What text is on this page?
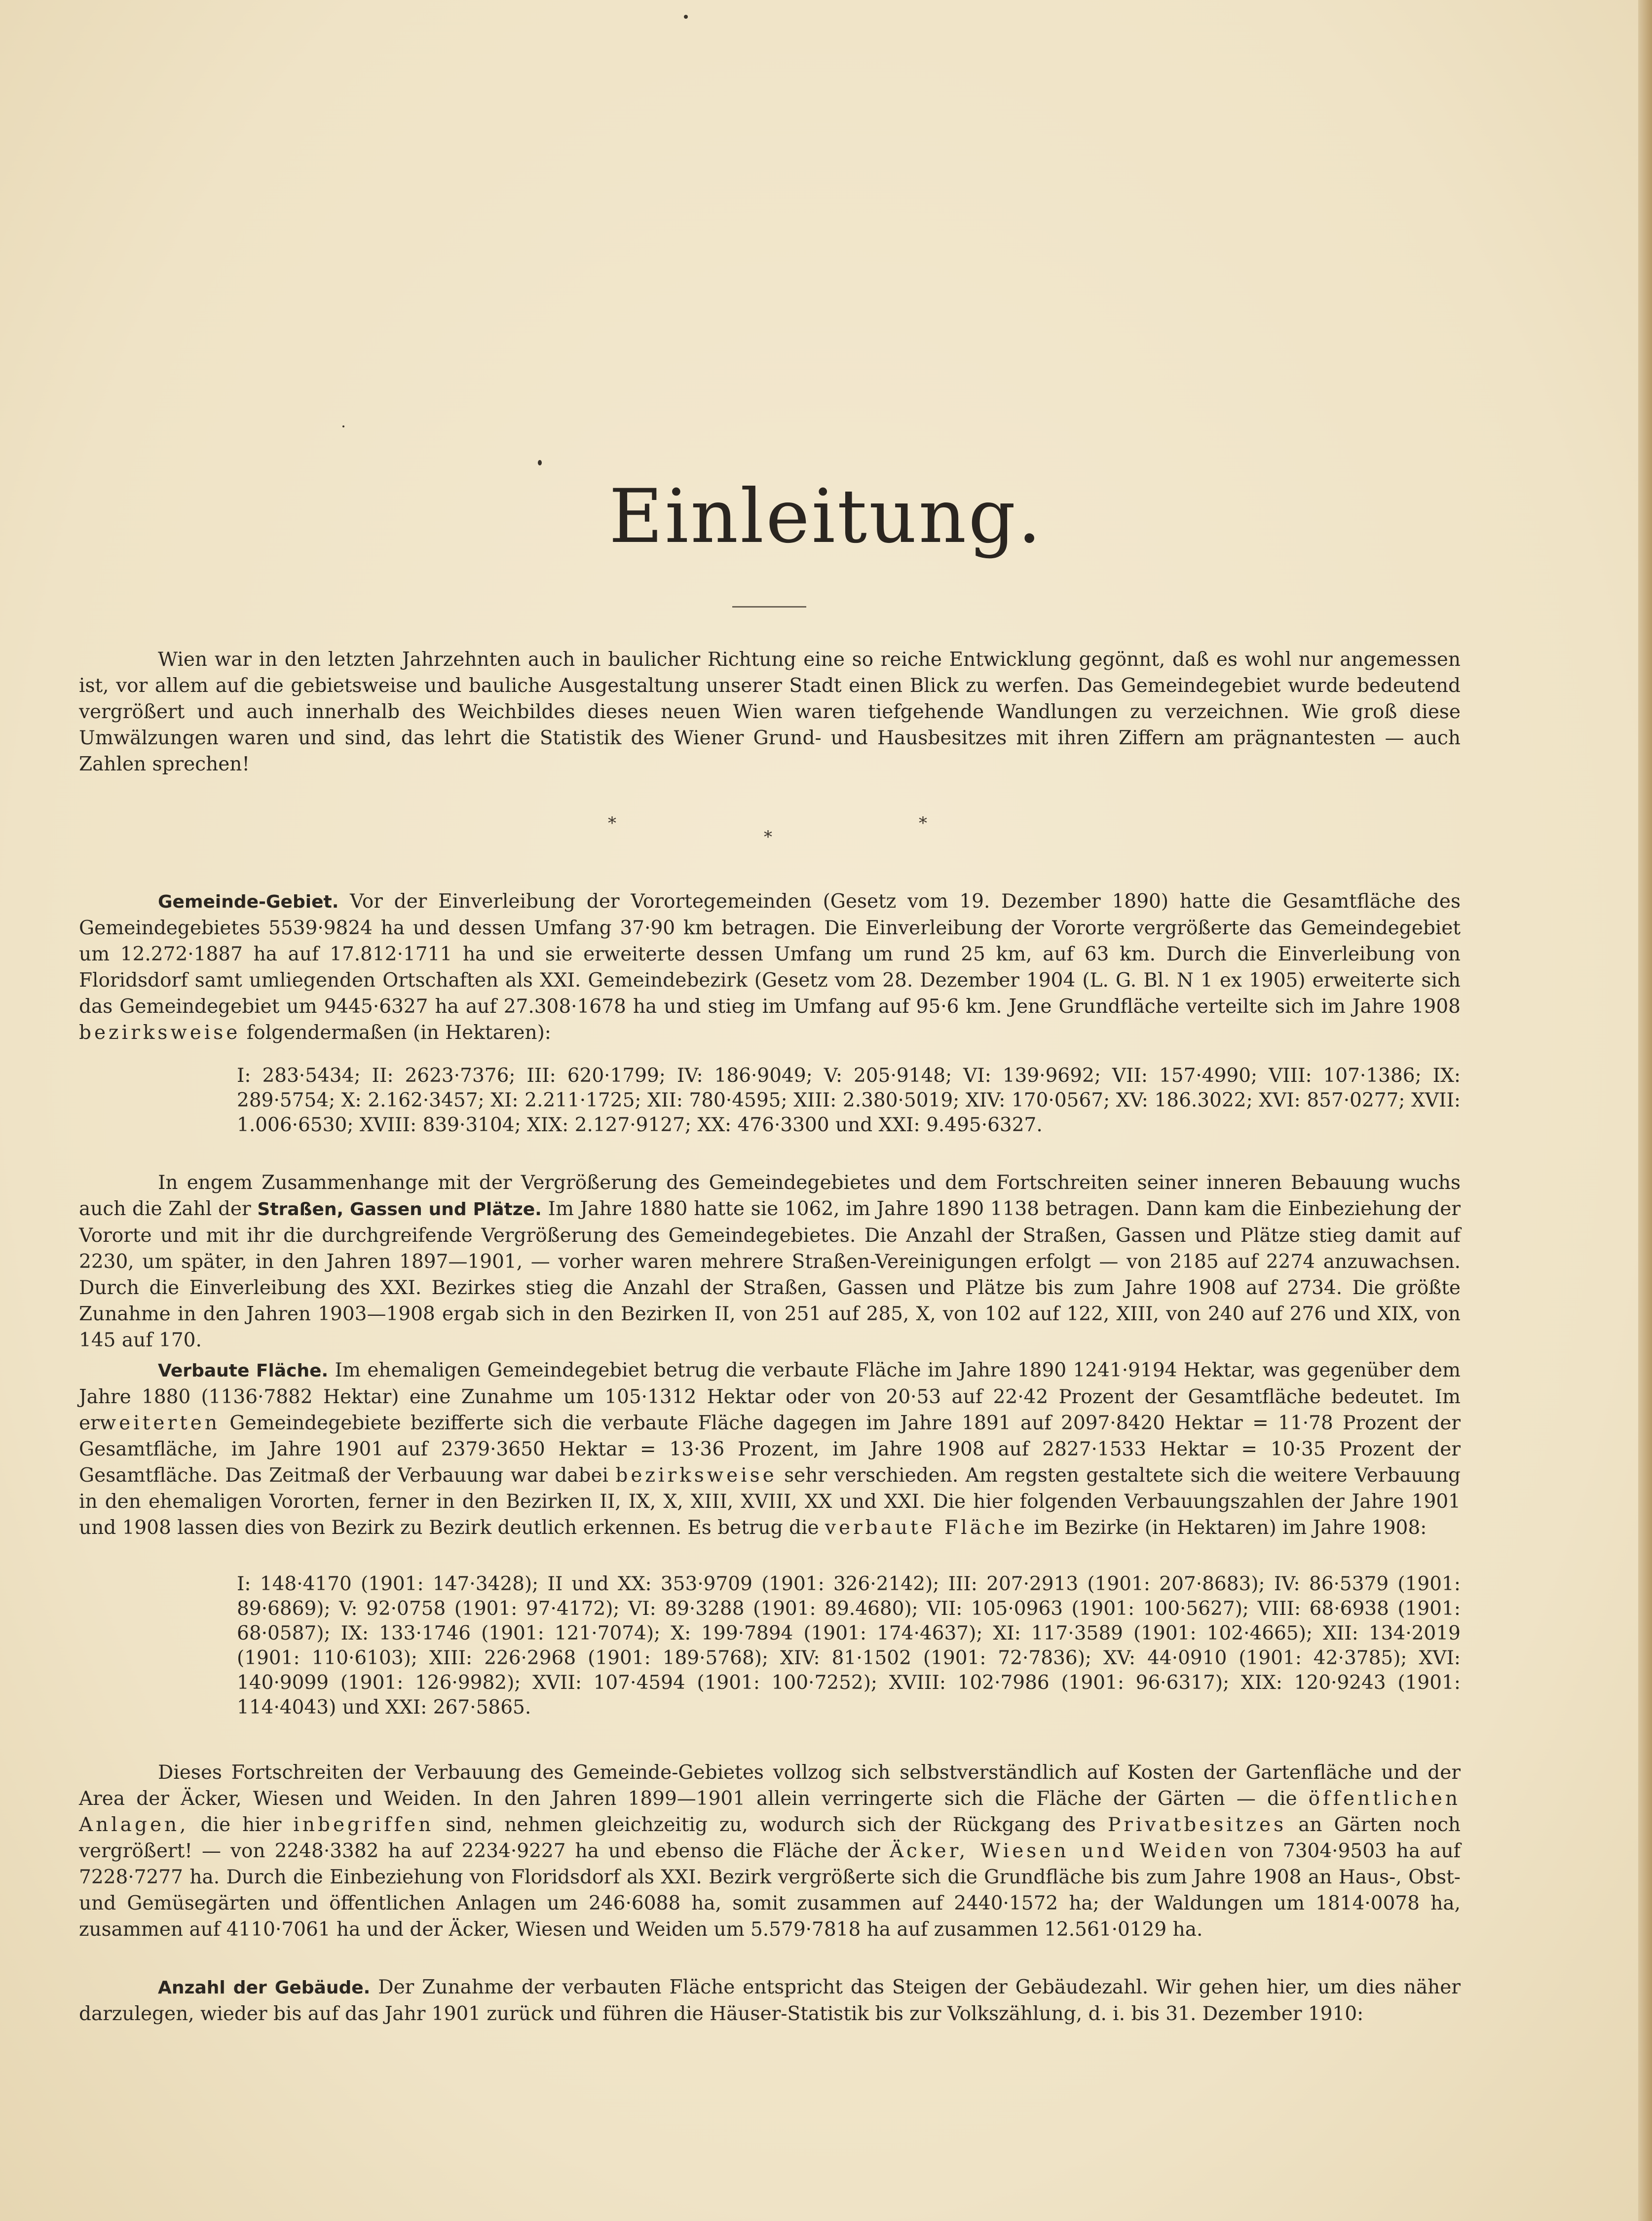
Einleitung.

Wien war in den letzten Jahrzehnten auch in baulicher Richtung eine so reiche Entwicklung gegönnt, daß es wohl nur angemessen ist, vor allem auf die gebietsweise und bauliche Ausgestaltung unserer Stadt einen Blick zu werfen. Das Gemeindegebiet wurde bedeutend vergrößert und auch innerhalb des Weichbildes dieses neuen Wien waren tiefgehende Wandlungen zu verzeichnen. Wie groß diese Umwälzungen waren und sind, das lehrt die Statistik des Wiener Grund- und Hausbesitzes mit ihren Ziffern am prägnantesten — auch Zahlen sprechen!

*
*
*

Gemeinde-Gebiet. Vor der Einverleibung der Vorortegemeinden (Gesetz vom 19. Dezember 1890) hatte die Gesamtfläche des Gemeindegebietes 5539·9824 ha und dessen Umfang 37·90 km betragen. Die Einverleibung der Vororte vergrößerte das Gemeindegebiet um 12.272·1887 ha auf 17.812·1711 ha und sie erweiterte dessen Umfang um rund 25 km, auf 63 km. Durch die Einverleibung von Floridsdorf samt umliegenden Ortschaften als XXI. Gemeindebezirk (Gesetz vom 28. Dezember 1904 (L. G. Bl. N 1 ex 1905) erweiterte sich das Gemeindegebiet um 9445·6327 ha auf 27.308·1678 ha und stieg im Umfang auf 95·6 km. Jene Grundfläche verteilte sich im Jahre 1908 bezirksweise folgendermaßen (in Hektaren):

I: 283·5434; II: 2623·7376; III: 620·1799; IV: 186·9049; V: 205·9148; VI: 139·9692; VII: 157·4990; VIII: 107·1386; IX: 289·5754; X: 2.162·3457; XI: 2.211·1725; XII: 780·4595; XIII: 2.380·5019; XIV: 170·0567; XV: 186.3022; XVI: 857·0277; XVII: 1.006·6530; XVIII: 839·3104; XIX: 2.127·9127; XX: 476·3300 und XXI: 9.495·6327.

In engem Zusammenhange mit der Vergrößerung des Gemeindegebietes und dem Fortschreiten seiner inneren Bebauung wuchs auch die Zahl der Straßen, Gassen und Plätze. Im Jahre 1880 hatte sie 1062, im Jahre 1890 1138 betragen. Dann kam die Einbeziehung der Vororte und mit ihr die durchgreifende Vergrößerung des Gemeindegebietes. Die Anzahl der Straßen, Gassen und Plätze stieg damit auf 2230, um später, in den Jahren 1897—1901, — vorher waren mehrere Straßen-Vereinigungen erfolgt — von 2185 auf 2274 anzuwachsen. Durch die Einverleibung des XXI. Bezirkes stieg die Anzahl der Straßen, Gassen und Plätze bis zum Jahre 1908 auf 2734. Die größte Zunahme in den Jahren 1903—1908 ergab sich in den Bezirken II, von 251 auf 285, X, von 102 auf 122, XIII, von 240 auf 276 und XIX, von 145 auf 170.

Verbaute Fläche. Im ehemaligen Gemeindegebiet betrug die verbaute Fläche im Jahre 1890 1241·9194 Hektar, was gegenüber dem Jahre 1880 (1136·7882 Hektar) eine Zunahme um 105·1312 Hektar oder von 20·53 auf 22·42 Prozent der Gesamtfläche bedeutet. Im erweiterten Gemeindegebiete bezifferte sich die verbaute Fläche dagegen im Jahre 1891 auf 2097·8420 Hektar = 11·78 Prozent der Gesamtfläche, im Jahre 1901 auf 2379·3650 Hektar = 13·36 Prozent, im Jahre 1908 auf 2827·1533 Hektar = 10·35 Prozent der Gesamtfläche. Das Zeitmaß der Verbauung war dabei bezirksweise sehr verschieden. Am regsten gestaltete sich die weitere Verbauung in den ehemaligen Vororten, ferner in den Bezirken II, IX, X, XIII, XVIII, XX und XXI. Die hier folgenden Verbauungszahlen der Jahre 1901 und 1908 lassen dies von Bezirk zu Bezirk deutlich erkennen. Es betrug die verbaute Fläche im Bezirke (in Hektaren) im Jahre 1908:

I: 148·4170 (1901: 147·3428); II und XX: 353·9709 (1901: 326·2142); III: 207·2913 (1901: 207·8683); IV: 86·5379 (1901: 89·6869); V: 92·0758 (1901: 97·4172); VI: 89·3288 (1901: 89.4680); VII: 105·0963 (1901: 100·5627); VIII: 68·6938 (1901: 68·0587); IX: 133·1746 (1901: 121·7074); X: 199·7894 (1901: 174·4637); XI: 117·3589 (1901: 102·4665); XII: 134·2019 (1901: 110·6103); XIII: 226·2968 (1901: 189·5768); XIV: 81·1502 (1901: 72·7836); XV: 44·0910 (1901: 42·3785); XVI: 140·9099 (1901: 126·9982); XVII: 107·4594 (1901: 100·7252); XVIII: 102·7986 (1901: 96·6317); XIX: 120·9243 (1901: 114·4043) und XXI: 267·5865.

Dieses Fortschreiten der Verbauung des Gemeinde-Gebietes vollzog sich selbstverständlich auf Kosten der Gartenfläche und der Area der Äcker, Wiesen und Weiden. In den Jahren 1899—1901 allein verringerte sich die Fläche der Gärten — die öffentlichen Anlagen, die hier inbegriffen sind, nehmen gleichzeitig zu, wodurch sich der Rückgang des Privatbesitzes an Gärten noch vergrößert! — von 2248·3382 ha auf 2234·9227 ha und ebenso die Fläche der Äcker, Wiesen und Weiden von 7304·9503 ha auf 7228·7277 ha. Durch die Einbeziehung von Floridsdorf als XXI. Bezirk vergrößerte sich die Grundfläche bis zum Jahre 1908 an Haus-, Obst- und Gemüsegärten und öffentlichen Anlagen um 246·6088 ha, somit zusammen auf 2440·1572 ha; der Waldungen um 1814·0078 ha, zusammen auf 4110·7061 ha und der Äcker, Wiesen und Weiden um 5.579·7818 ha auf zusammen 12.561·0129 ha.

Anzahl der Gebäude. Der Zunahme der verbauten Fläche entspricht das Steigen der Gebäudezahl. Wir gehen hier, um dies näher darzulegen, wieder bis auf das Jahr 1901 zurück und führen die Häuser-Statistik bis zur Volkszählung, d. i. bis 31. Dezember 1910:
